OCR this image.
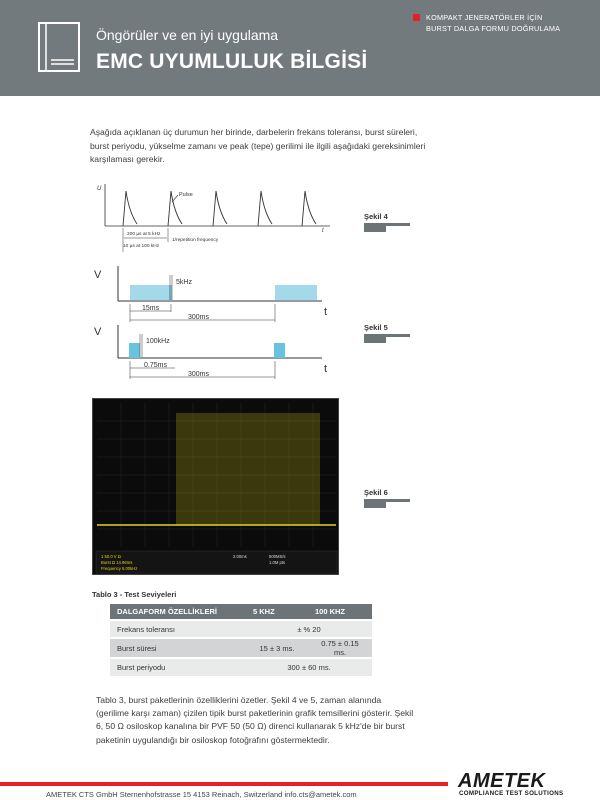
Öngörüler ve en iyi uygulama
EMC UYUMLULUK BİLGİSİ
KOMPAKT JENERATÖRLER İÇİN
BURST DALGA FORMU DOĞRULAMA
Aşağıda açıklanan üç durumun her birinde, darbelerin frekans toleransı, burst süreleri, burst periyodu, yükselme zamanı ve peak (tepe) gerilimi ile ilgili aşağıdaki gereksinimleri karşılaması gerekir.
U
t
Pulse
200 µs at 5 kHz
10 µs at 100 kHz
1/repetition frequency
V
t
5kHz
15ms
300ms
V
t
100kHz
0.75ms
300ms
Şekil 4
Şekil 5
Şekil 6
1 50.0 V Ω
Burst Ω 14.96ms
Frequency 5.00kHz
2.00ms	500MS/s
1.0M pts
Tablo 3 - Test Seviyeleri
DALGAFORM ÖZELLİKLERİ	5 KHZ	100 KHZ
Frekans toleransı	± % 20	
Burst süresi	15 ± 3 ms.	0.75 ± 0.15 ms.
Burst periyodu	300 ± 60 ms.	
Tablo 3, burst paketlerinin özelliklerini özetler. Şekil 4 ve 5, zaman alanında (gerilime karşı zaman) çizilen tipik burst paketlerinin grafik temsillerini gösterir. Şekil 6, 50 Ω osiloskop kanalına bir PVF 50 (50 Ω) direnci kullanarak 5 kHz'de bir burst paketinin uygulandığı bir osiloskop fotoğrafını göstermektedir.
AMETEK CTS GmbH Sternenhofstrasse 15 4153 Reinach, Switzerland info.cts@ametek.com
AMETEK
COMPLIANCE TEST SOLUTIONS
